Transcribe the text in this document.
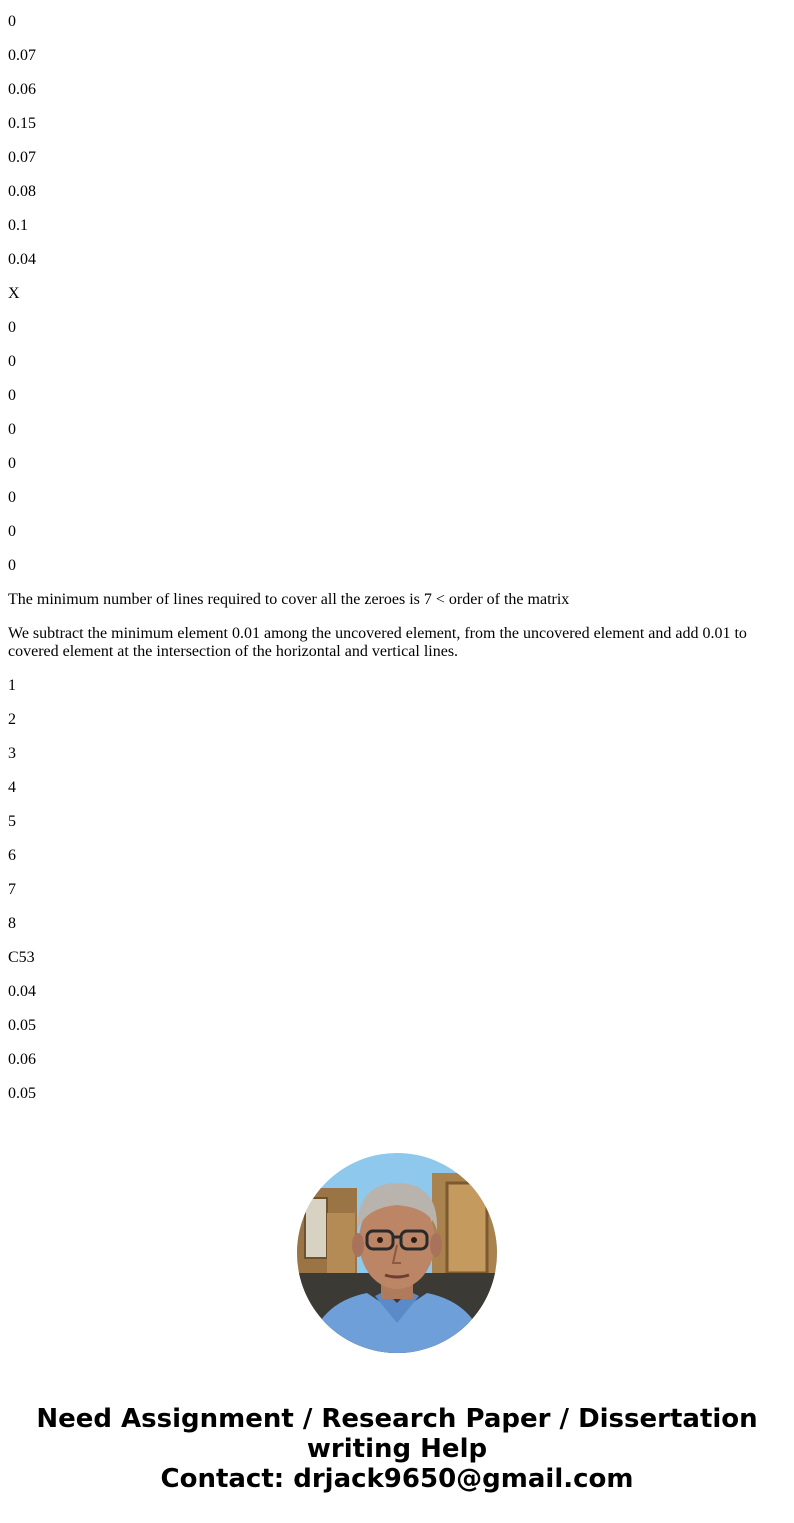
0

0.07

0.06

0.15

0.07

0.08

0.1

0.04

X

0

0

0

0

0

0

0

0

The minimum number of lines required to cover all the zeroes is 7 < order of the matrix

We subtract the minimum element 0.01 among the uncovered element, from the uncovered element and add 0.01 to covered element at the intersection of the horizontal and vertical lines.

1

2

3

4

5

6

7

8

C53

0.04

0.05

0.06

0.05

Need Assignment / Research Paper / Dissertation
writing Help
Contact: drjack9650@gmail.com
